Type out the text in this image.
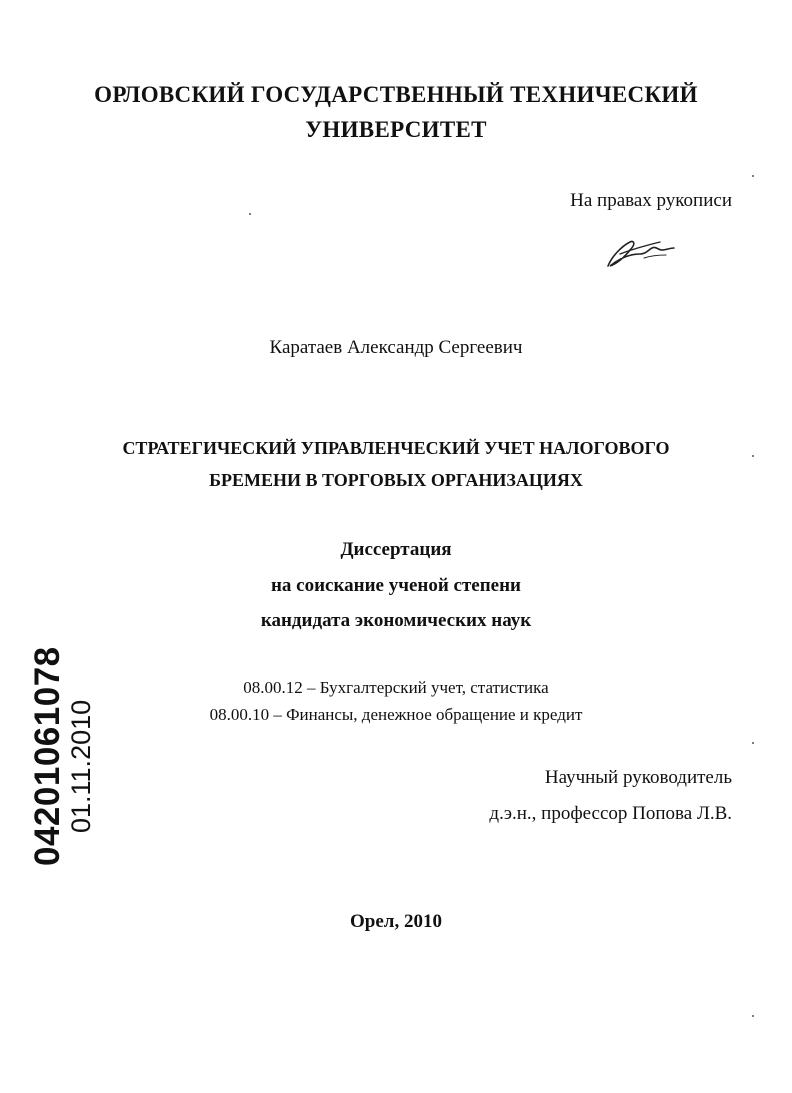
ОРЛОВСКИЙ ГОСУДАРСТВЕННЫЙ ТЕХНИЧЕСКИЙ
УНИВЕРСИТЕТ
На правах рукописи
Каратаев Александр Сергеевич
СТРАТЕГИЧЕСКИЙ УПРАВЛЕНЧЕСКИЙ УЧЕТ НАЛОГОВОГО
БРЕМЕНИ В ТОРГОВЫХ ОРГАНИЗАЦИЯХ
Диссертация
на соискание ученой степени
кандидата экономических наук
08.00.12 – Бухгалтерский учет, статистика
08.00.10 – Финансы, денежное обращение и кредит
Научный руководитель
д.э.н., профессор Попова Л.В.
Орел, 2010
04201061078 01.11.2010
